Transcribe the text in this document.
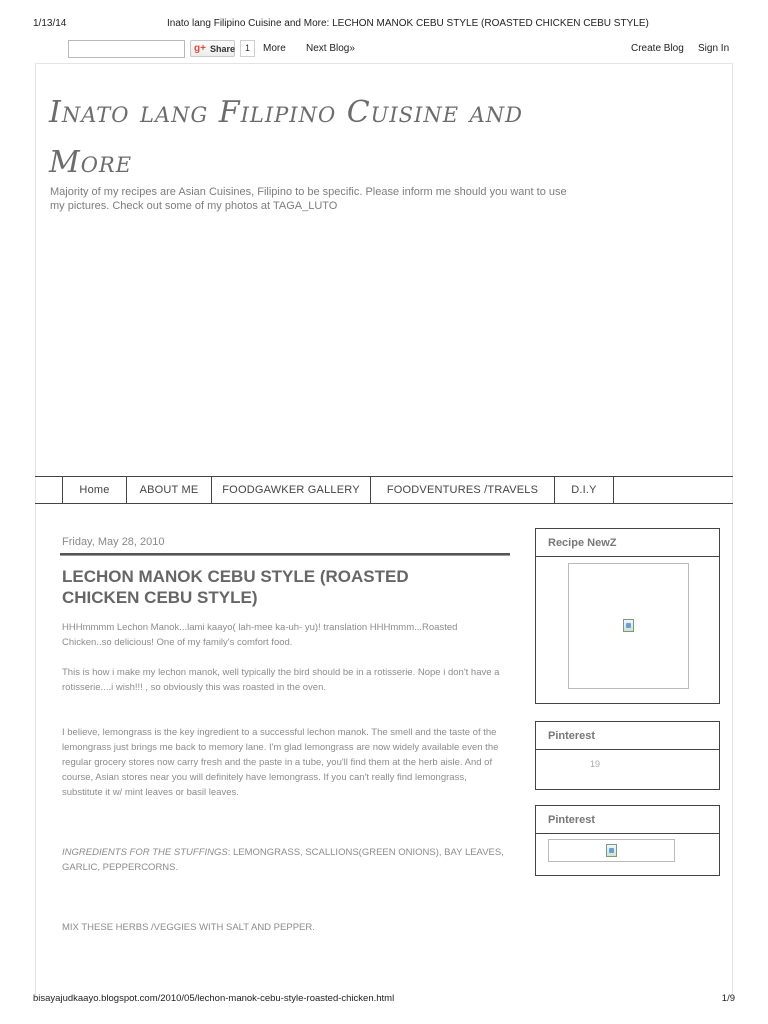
1/13/14	Inato lang Filipino Cuisine and More: LECHON MANOK CEBU STYLE (ROASTED CHICKEN CEBU STYLE)
g+ Share	1	More Next Blog»	Create Blog Sign In
Inato lang Filipino Cuisine and More
Majority of my recipes are Asian Cuisines, Filipino to be specific. Please inform me should you want to use my pictures. Check out some of my photos at TAGA_LUTO
Home	ABOUT ME	FOODGAWKER GALLERY	FOODVENTURES /TRAVELS	D.I.Y
Friday, May 28, 2010
LECHON MANOK CEBU STYLE (ROASTED CHICKEN CEBU STYLE)
HHHmmmm Lechon Manok...lami kaayo( lah-mee ka-uh- yu)! translation HHHmmm...Roasted Chicken..so delicious! One of my family's comfort food.
This is how i make my lechon manok, well typically the bird should be in a rotisserie. Nope i don't have a rotisserie....i wish!!! , so obviously this was roasted in the oven.
I believe, lemongrass is the key ingredient to a successful lechon manok. The smell and the taste of the lemongrass just brings me back to memory lane. I'm glad lemongrass are now widely available even the regular grocery stores now carry fresh and the paste in a tube, you'll find them at the herb aisle. And of course, Asian stores near you will definitely have lemongrass. If you can't really find lemongrass, substitute it w/ mint leaves or basil leaves.
INGREDIENTS FOR THE STUFFINGS: LEMONGRASS, SCALLIONS(GREEN ONIONS), BAY LEAVES, GARLIC, PEPPERCORNS.
MIX THESE HERBS /VEGGIES WITH SALT AND PEPPER.
Recipe NewZ
Pinterest
19
Pinterest
bisayajudkaayo.blogspot.com/2010/05/lechon-manok-cebu-style-roasted-chicken.html	1/9
